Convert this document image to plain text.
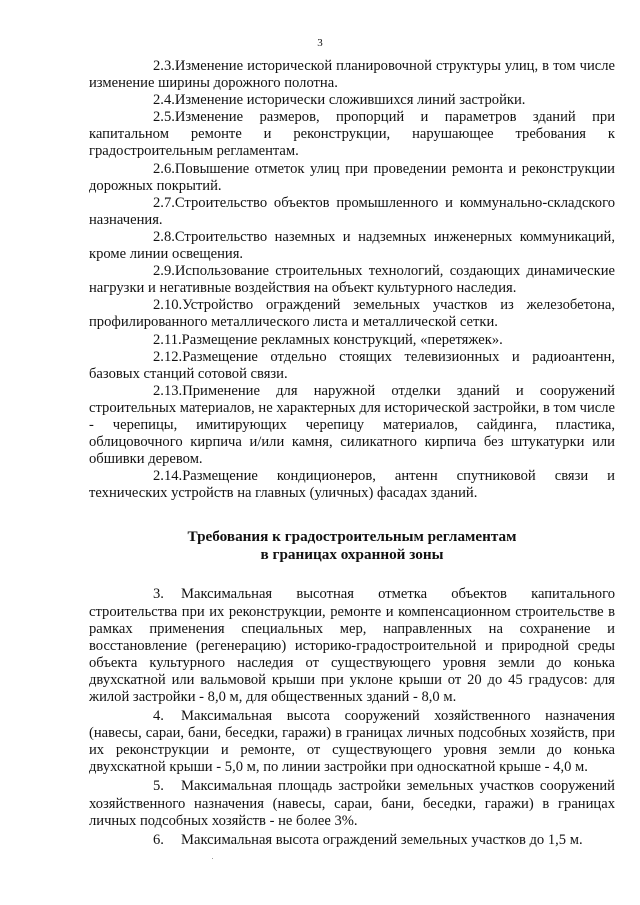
3

2.3.Изменение исторической планировочной структуры улиц, в том числе изменение ширины дорожного полотна.

2.4.Изменение исторически сложившихся линий застройки.

2.5.Изменение размеров, пропорций и параметров зданий при капитальном ремонте и реконструкции, нарушающее требования к градостроительным регламентам.

2.6.Повышение отметок улиц при проведении ремонта и реконструкции дорожных покрытий.

2.7.Строительство объектов промышленного и коммунально-складского назначения.

2.8.Строительство наземных и надземных инженерных коммуникаций, кроме линии освещения.

2.9.Использование строительных технологий, создающих динамические нагрузки и негативные воздействия на объект культурного наследия.

2.10.Устройство ограждений земельных участков из железобетона, профилированного металлического листа и металлической сетки.

2.11.Размещение рекламных конструкций, «перетяжек».

2.12.Размещение отдельно стоящих телевизионных и радиоантенн, базовых станций сотовой связи.

2.13.Применение для наружной отделки зданий и сооружений строительных материалов, не характерных для исторической застройки, в том числе - черепицы, имитирующих черепицу материалов, сайдинга, пластика, облицовочного кирпича и/или камня, силикатного кирпича без штукатурки или обшивки деревом.

2.14.Размещение кондиционеров, антенн спутниковой связи и технических устройств на главных (уличных) фасадах зданий.

Требования к градостроительным регламентам
в границах охранной зоны

3. Максимальная высотная отметка объектов капитального строительства при их реконструкции, ремонте и компенсационном строительстве в рамках применения специальных мер, направленных на сохранение и восстановление (регенерацию) историко-градостроительной и природной среды объекта культурного наследия от существующего уровня земли до конька двухскатной или вальмовой крыши при уклоне крыши от 20 до 45 градусов: для жилой застройки - 8,0 м, для общественных зданий - 8,0 м.

4. Максимальная высота сооружений хозяйственного назначения (навесы, сараи, бани, беседки, гаражи) в границах личных подсобных хозяйств, при их реконструкции и ремонте, от существующего уровня земли до конька двухскатной крыши - 5,0 м, по линии застройки при односкатной крыше - 4,0 м.

5. Максимальная площадь застройки земельных участков сооружений хозяйственного назначения (навесы, сараи, бани, беседки, гаражи) в границах личных подсобных хозяйств - не более 3%.

6. Максимальная высота ограждений земельных участков до 1,5 м.
